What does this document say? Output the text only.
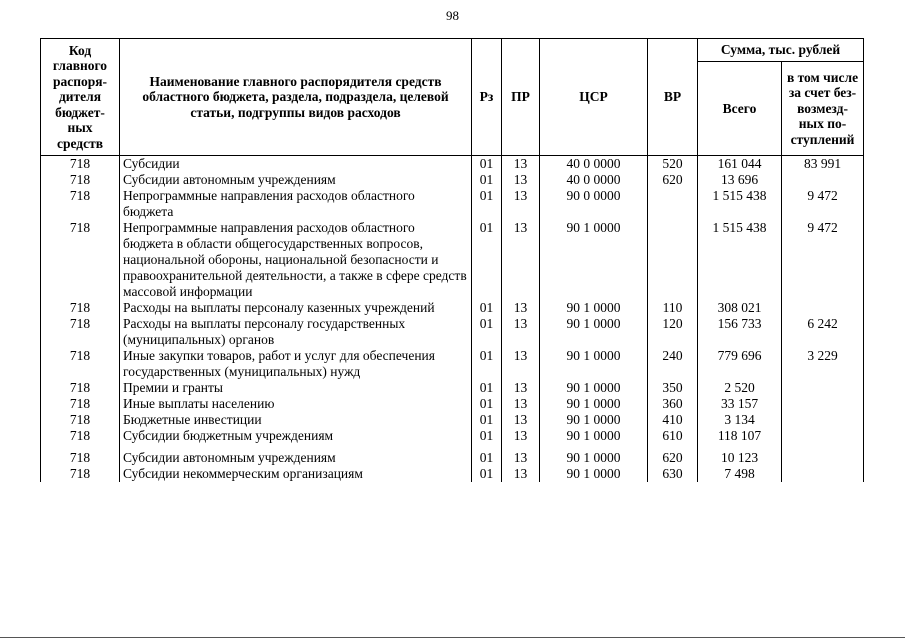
98
Код главного распоря-дителя бюджет-ных средств	Наименование главного распорядителя средств областного бюджета, раздела, подраздела, целевой статьи, подгруппы видов расходов	Рз	ПР	ЦСР	ВР	Сумма, тыс. рублей	
						Всего	в том числе за счет без-возмезд-ных по-ступлений
718	Субсидии	01	13	40 0 0000	520	161 044	83 991
718	Субсидии автономным учреждениям	01	13	40 0 0000	620	13 696	
718	Непрограммные направления расходов областного бюджета	01	13	90 0 0000		1 515 438	9 472
718	Непрограммные направления расходов областного бюджета в области общегосударственных вопросов, национальной обороны, национальной безопасности и правоохранительной деятельности, а также в сфере средств массовой информации	01	13	90 1 0000		1 515 438	9 472
718	Расходы на выплаты персоналу казенных учреждений	01	13	90 1 0000	110	308 021	
718	Расходы на выплаты персоналу государственных (муниципальных) органов	01	13	90 1 0000	120	156 733	6 242
718	Иные закупки товаров, работ и услуг для обеспечения государственных (муниципальных) нужд	01	13	90 1 0000	240	779 696	3 229
718	Премии и гранты	01	13	90 1 0000	350	2 520	
718	Иные выплаты населению	01	13	90 1 0000	360	33 157	
718	Бюджетные инвестиции	01	13	90 1 0000	410	3 134	
718	Субсидии бюджетным учреждениям	01	13	90 1 0000	610	118 107	
718	Субсидии автономным учреждениям	01	13	90 1 0000	620	10 123	
718	Субсидии некоммерческим организациям	01	13	90 1 0000	630	7 498	
